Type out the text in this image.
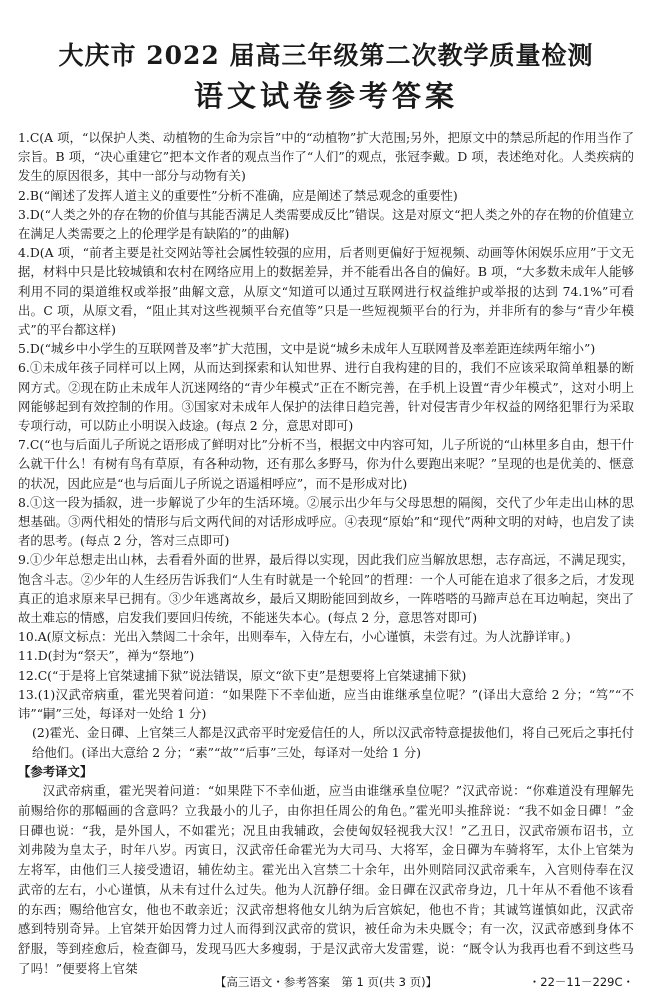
大庆市 2022 届高三年级第二次教学质量检测
语文试卷参考答案

1.C(A 项，“以保护人类、动植物的生命为宗旨”中的“动植物”扩大范围;另外，把原文中的禁忌所起的作用当作了宗旨。B 项，“决心重建它”把本文作者的观点当作了“人们”的观点，张冠李戴。D 项，表述绝对化。人类疾病的发生的原因很多，其中一部分与动物有关)

2.B(“阐述了发挥人道主义的重要性”分析不准确，应是阐述了禁忌观念的重要性)

3.D(“人类之外的存在物的价值与其能否满足人类需要成反比”错误。这是对原文“把人类之外的存在物的价值建立在满足人类需要之上的伦理学是有缺陷的”的曲解)

4.D(A 项，“前者主要是社交网站等社会属性较强的应用，后者则更偏好于短视频、动画等休闲娱乐应用”于文无据，材料中只是比较城镇和农村在网络应用上的数据差异，并不能看出各自的偏好。B 项，“大多数未成年人能够利用不同的渠道维权或举报”曲解文意，从原文“知道可以通过互联网进行权益维护或举报的达到 74.1%”可看出。C 项，从原文看，“阻止其对这些视频平台充值等”只是一些短视频平台的行为，并非所有的参与“青少年模式”的平台都这样)

5.D(“城乡中小学生的互联网普及率”扩大范围，文中是说“城乡未成年人互联网普及率差距连续两年缩小”)

6.①未成年孩子同样可以上网，从而达到探索和认知世界、进行自我构建的目的，我们不应该采取简单粗暴的断网方式。②现在防止未成年人沉迷网络的“青少年模式”正在不断完善，在手机上设置“青少年模式”，这对小明上网能够起到有效控制的作用。③国家对未成年人保护的法律日趋完善，针对侵害青少年权益的网络犯罪行为采取专项行动，可以防止小明误入歧途。(每点 2 分，意思对即可)

7.C(“也与后面儿子所说之语形成了鲜明对比”分析不当，根据文中内容可知，儿子所说的“山林里多自由，想干什么就干什么！有树有鸟有草原，有各种动物，还有那么多野马，你为什么要跑出来呢？”呈现的也是优美的、惬意的状况，因此应是“也与后面儿子所说之语遥相呼应”，而不是形成对比)

8.①这一段为插叙，进一步解说了少年的生活环境。②展示出少年与父母思想的隔阂，交代了少年走出山林的思想基础。③两代相处的情形与后文两代间的对话形成呼应。④表现“原始”和“现代”两种文明的对峙，也启发了读者的思考。(每点 2 分，答对三点即可)

9.①少年总想走出山林，去看看外面的世界，最后得以实现，因此我们应当解放思想，志存高远，不满足现实，饱含斗志。②少年的人生经历告诉我们“人生有时就是一个轮回”的哲理：一个人可能在追求了很多之后，才发现真正的追求原来早已拥有。③少年逃离故乡，最后又期盼能回到故乡，一阵嗒嗒的马蹄声总在耳边响起，突出了故土难忘的情感，启发我们要回归传统，不能迷失本心。(每点 2 分，意思答对即可)

10.A(原文标点：光出入禁闼二十余年，出则奉车，入侍左右，小心谨慎，未尝有过。为人沈静详审。)

11.D(封为“祭天”，禅为“祭地”)

12.C(“于是将上官桀逮捕下狱”说法错误，原文“欲下吏”是想要将上官桀逮捕下狱)

13.(1)汉武帝病重，霍光哭着问道：“如果陛下不幸仙逝，应当由谁继承皇位呢？”(译出大意给 2 分；“笃”“不讳”“嗣”三处，每译对一处给 1 分)

(2)霍光、金日磾、上官桀三人都是汉武帝平时宠爱信任的人，所以汉武帝特意提拔他们，将自己死后之事托付给他们。(译出大意给 2 分；“素”“故”“后事”三处，每译对一处给 1 分)

【参考译文】

汉武帝病重，霍光哭着问道：“如果陛下不幸仙逝，应当由谁继承皇位呢？”汉武帝说：“你难道没有理解先前赐给你的那幅画的含意吗？立我最小的儿子，由你担任周公的角色。”霍光叩头推辞说：“我不如金日磾！”金日磾也说：“我，是外国人，不如霍光；况且由我辅政，会使匈奴轻视我大汉！”乙丑日，汉武帝颁布诏书，立刘弗陵为皇太子，时年八岁。丙寅日，汉武帝任命霍光为大司马、大将军，金日磾为车骑将军，太仆上官桀为左将军，由他们三人接受遗诏，辅佐幼主。霍光出入宫禁二十余年，出外则陪同汉武帝乘车，入宫则侍奉在汉武帝的左右，小心谨慎，从未有过什么过失。他为人沉静仔细。金日磾在汉武帝身边，几十年从不看他不该看的东西；赐给他宫女，他也不敢亲近；汉武帝想将他女儿纳为后宫嫔妃，他也不肯；其诚笃谨慎如此，汉武帝感到特别奇异。上官桀开始因膂力过人而得到汉武帝的赏识，被任命为未央厩令；有一次，汉武帝感到身体不舒服，等到痊愈后，检查御马，发现马匹大多瘦弱，于是汉武帝大发雷霆，说：“厩令认为我再也看不到这些马了吗！”便要将上官桀

【高三语文・参考答案　第 1 页(共 3 页)】	・22－11－229C・
